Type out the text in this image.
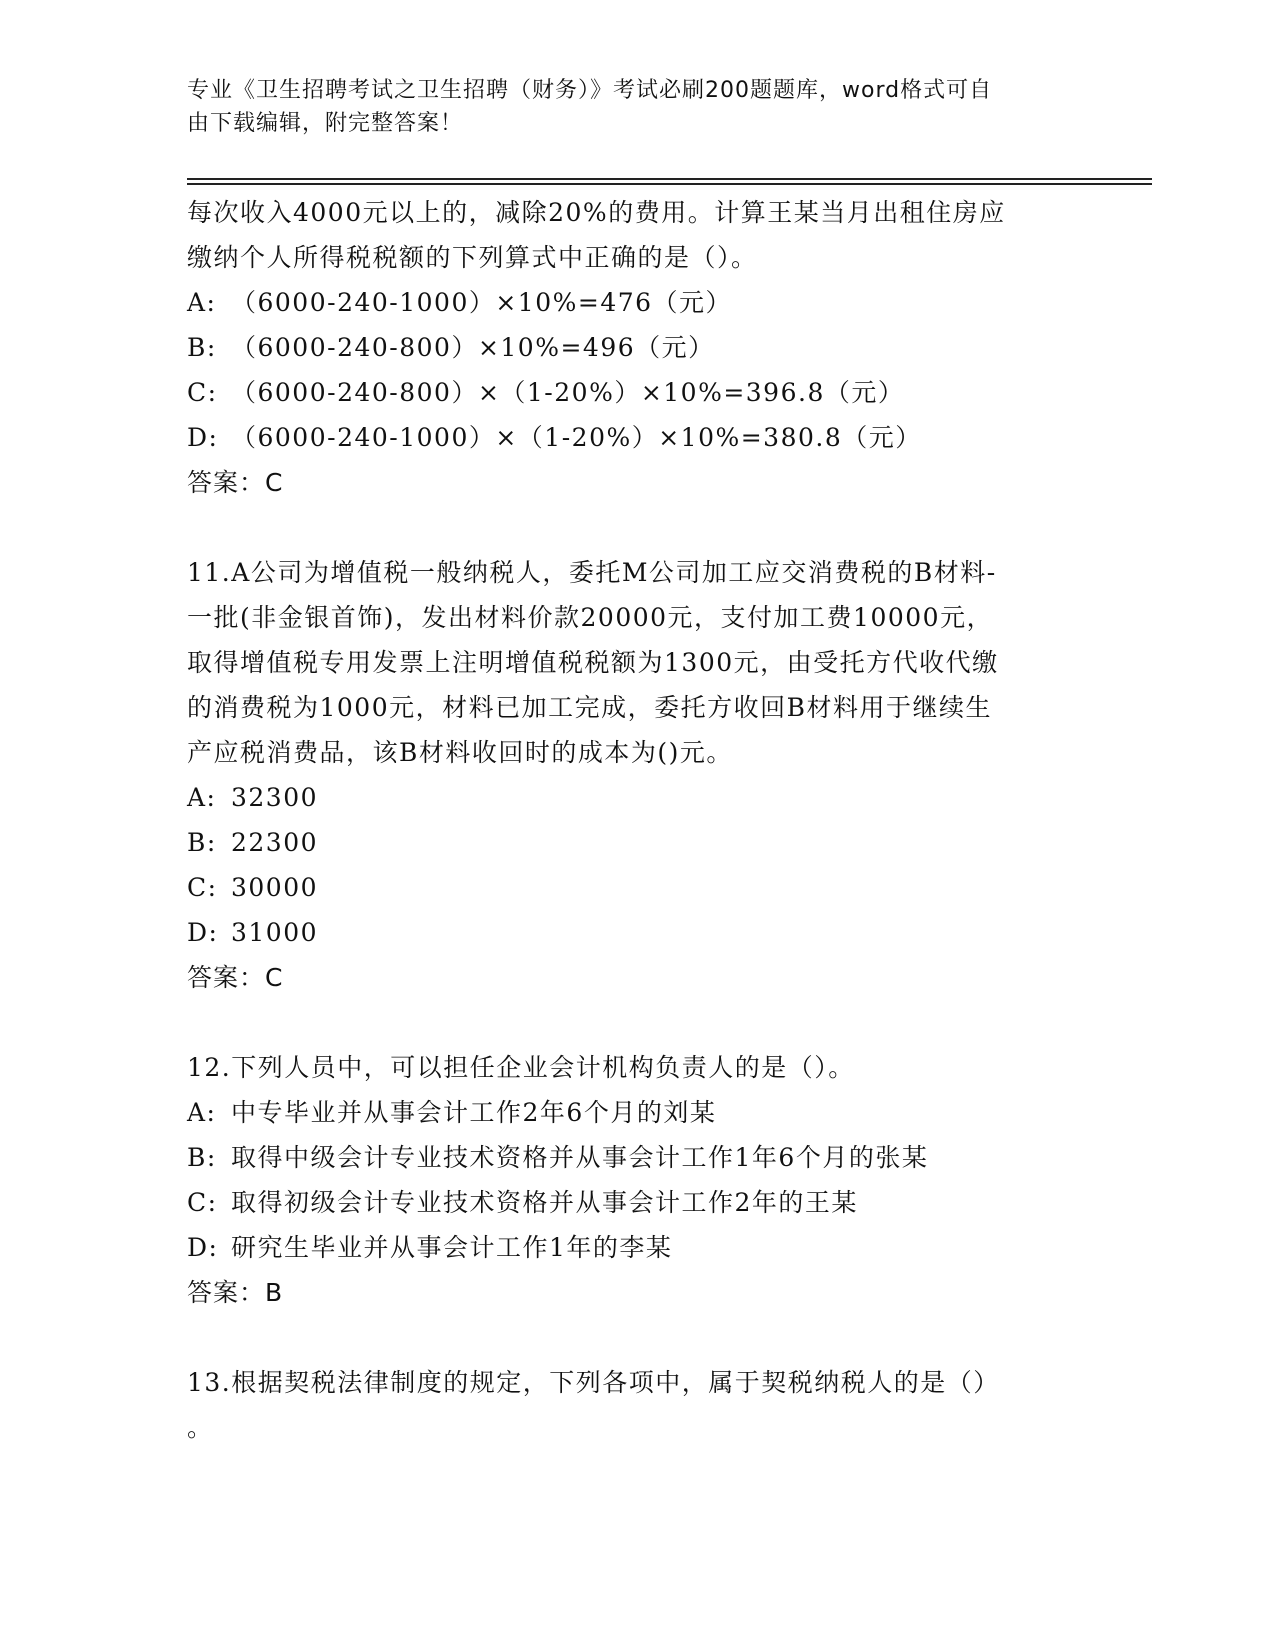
专业《卫生招聘考试之卫生招聘（财务）》考试必刷200题题库，word格式可自
由下载编辑，附完整答案！
每次收入4000元以上的，减除20%的费用。计算王某当月出租住房应
缴纳个人所得税税额的下列算式中正确的是（）。
A: （6000-240-1000）×10%=476（元）
B: （6000-240-800）×10%=496（元）
C: （6000-240-800）×（1-20%）×10%=396.8（元）
D: （6000-240-1000）×（1-20%）×10%=380.8（元）
答案：C
11.A公司为增值税一般纳税人，委托M公司加工应交消费税的B材料-
一批(非金银首饰)，发出材料价款20000元，支付加工费10000元，
取得增值税专用发票上注明增值税税额为1300元，由受托方代收代缴
的消费税为1000元，材料已加工完成，委托方收回B材料用于继续生
产应税消费品，该B材料收回时的成本为()元。
A: 32300
B: 22300
C: 30000
D: 31000
答案：C
12.下列人员中，可以担任企业会计机构负责人的是（）。
A: 中专毕业并从事会计工作2年6个月的刘某
B: 取得中级会计专业技术资格并从事会计工作1年6个月的张某
C: 取得初级会计专业技术资格并从事会计工作2年的王某
D: 研究生毕业并从事会计工作1年的李某
答案：B
13.根据契税法律制度的规定，下列各项中，属于契税纳税人的是（）
。
